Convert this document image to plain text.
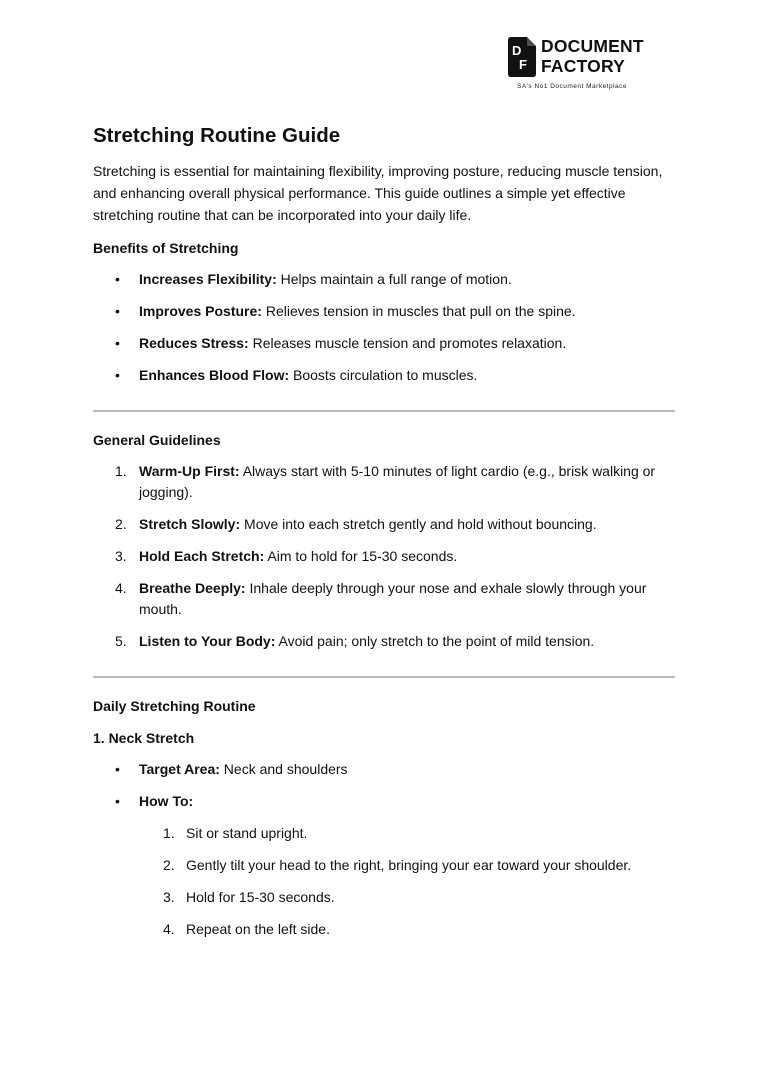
D
F
DOCUMENT
FACTORY
SA's No1 Document Marketplace
Stretching Routine Guide

Stretching is essential for maintaining flexibility, improving posture, reducing muscle tension, and enhancing overall physical performance. This guide outlines a simple yet effective stretching routine that can be incorporated into your daily life.

Benefits of Stretching
• Increases Flexibility: Helps maintain a full range of motion.
• Improves Posture: Relieves tension in muscles that pull on the spine.
• Reduces Stress: Releases muscle tension and promotes relaxation.
• Enhances Blood Flow: Boosts circulation to muscles.
General Guidelines
1. Warm-Up First: Always start with 5-10 minutes of light cardio (e.g., brisk walking or jogging).
2. Stretch Slowly: Move into each stretch gently and hold without bouncing.
3. Hold Each Stretch: Aim to hold for 15-30 seconds.
4. Breathe Deeply: Inhale deeply through your nose and exhale slowly through your mouth.
5. Listen to Your Body: Avoid pain; only stretch to the point of mild tension.
Daily Stretching Routine
1. Neck Stretch
• Target Area: Neck and shoulders
• How To:
1. Sit or stand upright.
2. Gently tilt your head to the right, bringing your ear toward your shoulder.
3. Hold for 15-30 seconds.
4. Repeat on the left side.
